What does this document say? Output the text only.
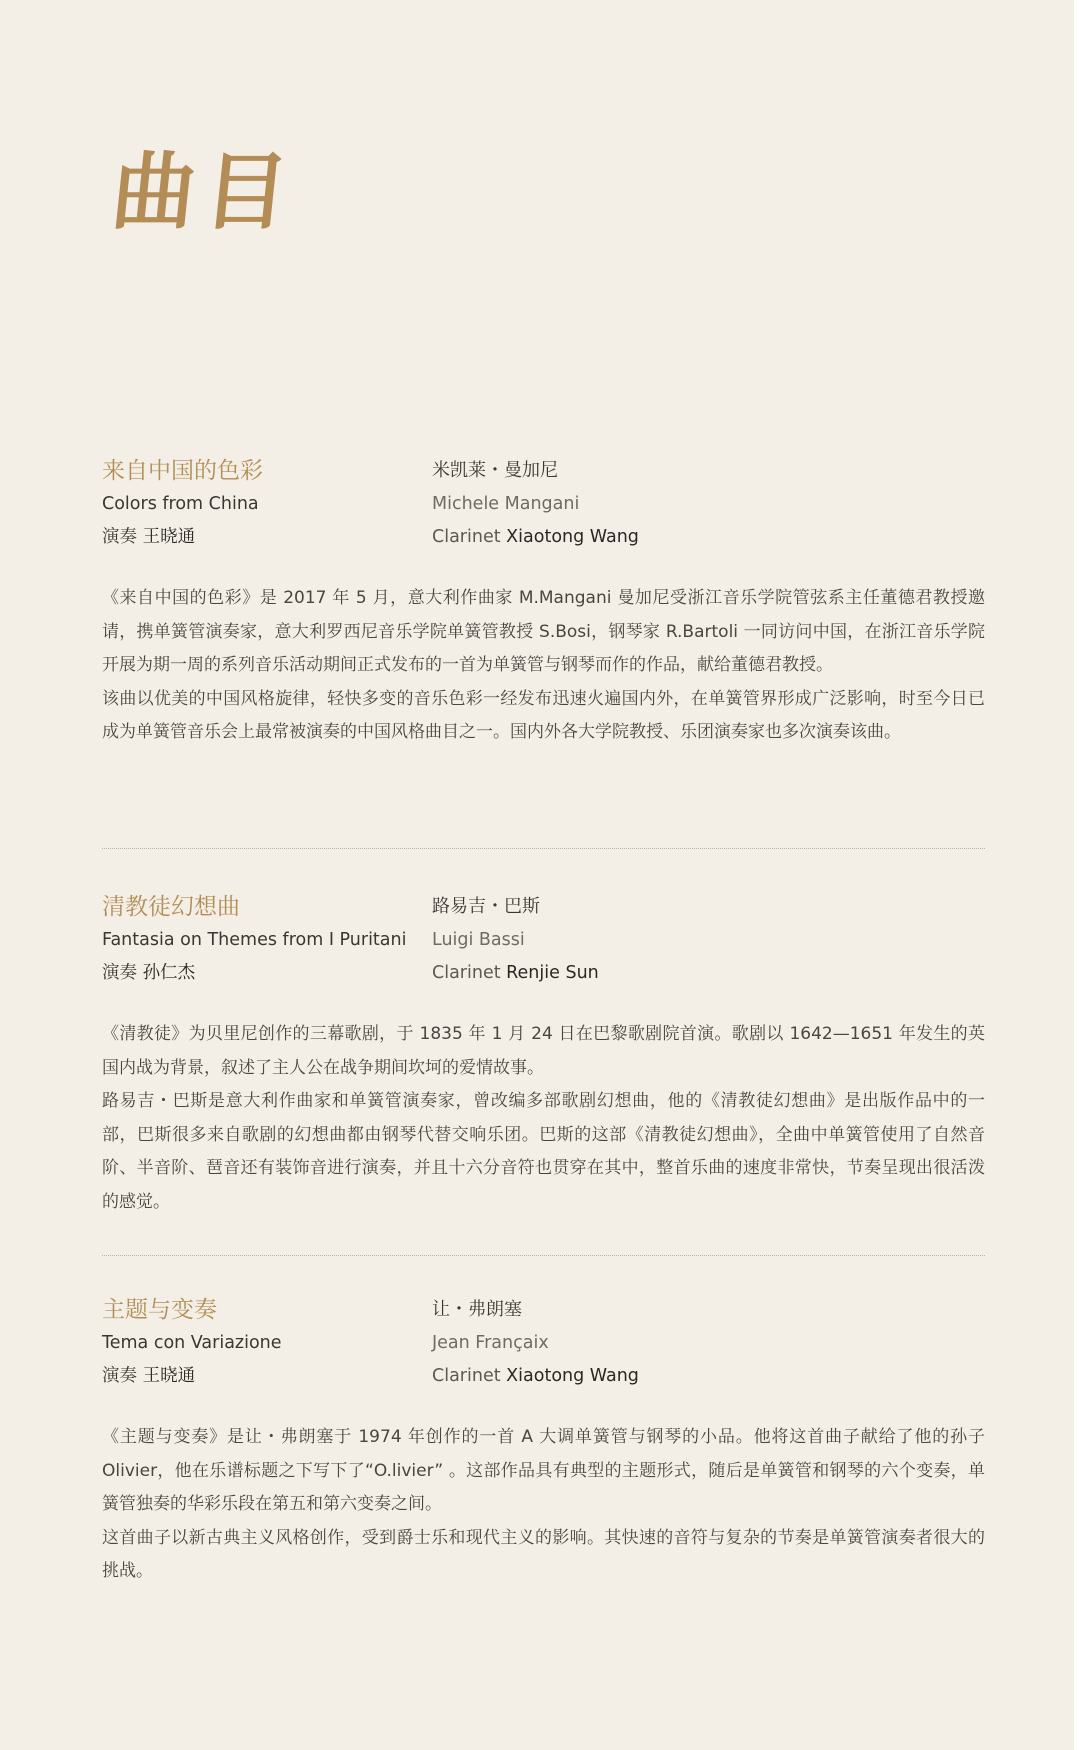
曲目
来自中国的色彩
Colors from China
演奏 王晓通
米凯莱・曼加尼
Michele Mangani
Clarinet Xiaotong Wang

《来自中国的色彩》是 2017 年 5 月，意大利作曲家 M.Mangani 曼加尼受浙江音乐学院管弦系主任董德君教授邀请，携单簧管演奏家，意大利罗西尼音乐学院单簧管教授 S.Bosi，钢琴家 R.Bartoli 一同访问中国，在浙江音乐学院开展为期一周的系列音乐活动期间正式发布的一首为单簧管与钢琴而作的作品，献给董德君教授。

该曲以优美的中国风格旋律，轻快多变的音乐色彩一经发布迅速火遍国内外，在单簧管界形成广泛影响，时至今日已成为单簧管音乐会上最常被演奏的中国风格曲目之一。国内外各大学院教授、乐团演奏家也多次演奏该曲。

清教徒幻想曲
Fantasia on Themes from I Puritani
演奏 孙仁杰
路易吉・巴斯
Luigi Bassi
Clarinet Renjie Sun

《清教徒》为贝里尼创作的三幕歌剧，于 1835 年 1 月 24 日在巴黎歌剧院首演。歌剧以 1642—1651 年发生的英国内战为背景，叙述了主人公在战争期间坎坷的爱情故事。

路易吉・巴斯是意大利作曲家和单簧管演奏家，曾改编多部歌剧幻想曲，他的《清教徒幻想曲》是出版作品中的一部，巴斯很多来自歌剧的幻想曲都由钢琴代替交响乐团。巴斯的这部《清教徒幻想曲》，全曲中单簧管使用了自然音阶、半音阶、琶音还有装饰音进行演奏，并且十六分音符也贯穿在其中，整首乐曲的速度非常快，节奏呈现出很活泼的感觉。

主题与变奏
Tema con Variazione
演奏 王晓通
让・弗朗塞
Jean Françaix
Clarinet Xiaotong Wang

《主题与变奏》是让・弗朗塞于 1974 年创作的一首 A 大调单簧管与钢琴的小品。他将这首曲子献给了他的孙子 Olivier，他在乐谱标题之下写下了“O.livier” 。这部作品具有典型的主题形式，随后是单簧管和钢琴的六个变奏，单簧管独奏的华彩乐段在第五和第六变奏之间。

这首曲子以新古典主义风格创作，受到爵士乐和现代主义的影响。其快速的音符与复杂的节奏是单簧管演奏者很大的挑战。
